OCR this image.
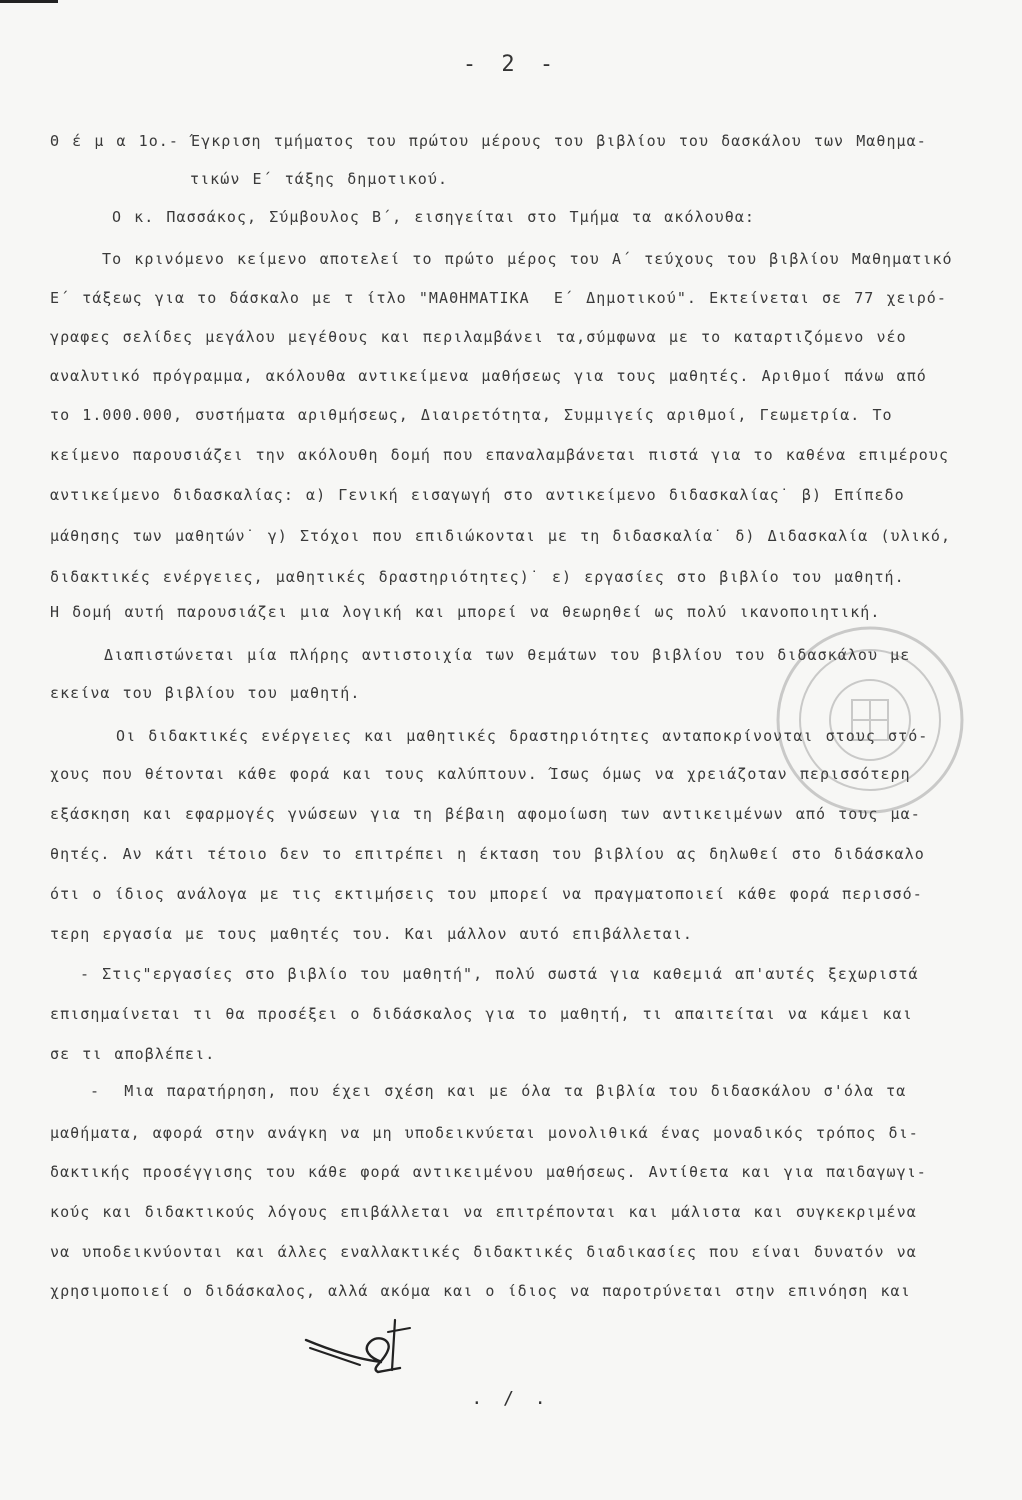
- 2 -
Θ έ μ α 1ο.- Έγκριση τμήματος του πρώτου μέρους του βιβλίου του δασκάλου των Μαθημα-
τικών Ε΄ τάξης δημοτικού.
Ο κ. Πασσάκος, Σύμβουλος Β΄, εισηγείται στο Τμήμα τα ακόλουθα:
Το κρινόμενο κείμενο αποτελεί το πρώτο μέρος του Α΄ τεύχους του βιβλίου Μαθηματικό
Ε΄ τάξεως για το δάσκαλο με τ ίτλο "ΜΑΘΗΜΑΤΙΚΑ  Ε΄ Δημοτικού". Εκτείνεται σε 77 χειρό-
γραφες σελίδες μεγάλου μεγέθους και περιλαμβάνει τα,σύμφωνα με το καταρτιζόμενο νέο
αναλυτικό πρόγραμμα, ακόλουθα αντικείμενα μαθήσεως για τους μαθητές. Αριθμοί πάνω από
το 1.000.000, συστήματα αριθμήσεως, Διαιρετότητα, Συμμιγείς αριθμοί, Γεωμετρία. Το
κείμενο παρουσιάζει την ακόλουθη δομή που επαναλαμβάνεται πιστά για το καθένα επιμέρους
αντικείμενο διδασκαλίας: α) Γενική εισαγωγή στο αντικείμενο διδασκαλίας˙ β) Επίπεδο
μάθησης των μαθητών˙ γ) Στόχοι που επιδιώκονται με τη διδασκαλία˙ δ) Διδασκαλία (υλικό,
διδακτικές ενέργειες, μαθητικές δραστηριότητες)˙ ε) εργασίες στο βιβλίο του μαθητή.
Η δομή αυτή παρουσιάζει μια λογική και μπορεί να θεωρηθεί ως πολύ ικανοποιητική.
Διαπιστώνεται μία πλήρης αντιστοιχία των θεμάτων του βιβλίου του διδασκάλου με
εκείνα του βιβλίου του μαθητή.
Οι διδακτικές ενέργειες και μαθητικές δραστηριότητες ανταποκρίνονται στους στό-
χους που θέτονται κάθε φορά και τους καλύπτουν. Ίσως όμως να χρειάζοταν περισσότερη
εξάσκηση και εφαρμογές γνώσεων για τη βέβαιη αφομοίωση των αντικειμένων από τους μα-
θητές. Αν κάτι τέτοιο δεν το επιτρέπει η έκταση του βιβλίου ας δηλωθεί στο διδάσκαλο
ότι ο ίδιος ανάλογα με τις εκτιμήσεις του μπορεί να πραγματοποιεί κάθε φορά περισσό-
τερη εργασία με τους μαθητές του. Και μάλλον αυτό επιβάλλεται.
- Στις"εργασίες στο βιβλίο του μαθητή", πολύ σωστά για καθεμιά απ'αυτές ξεχωριστά
επισημαίνεται τι θα προσέξει ο διδάσκαλος για το μαθητή, τι απαιτείται να κάμει και
σε τι αποβλέπει.
-  Μια παρατήρηση, που έχει σχέση και με όλα τα βιβλία του διδασκάλου σ'όλα τα
μαθήματα, αφορά στην ανάγκη να μη υποδεικνύεται μονολιθικά ένας μοναδικός τρόπος δι-
δακτικής προσέγγισης του κάθε φορά αντικειμένου μαθήσεως. Αντίθετα και για παιδαγωγι-
κούς και διδακτικούς λόγους επιβάλλεται να επιτρέπονται και μάλιστα και συγκεκριμένα
να υποδεικνύονται και άλλες εναλλακτικές διδακτικές διαδικασίες που είναι δυνατόν να
χρησιμοποιεί ο διδάσκαλος, αλλά ακόμα και ο ίδιος να παροτρύνεται στην επινόηση και
. / .
